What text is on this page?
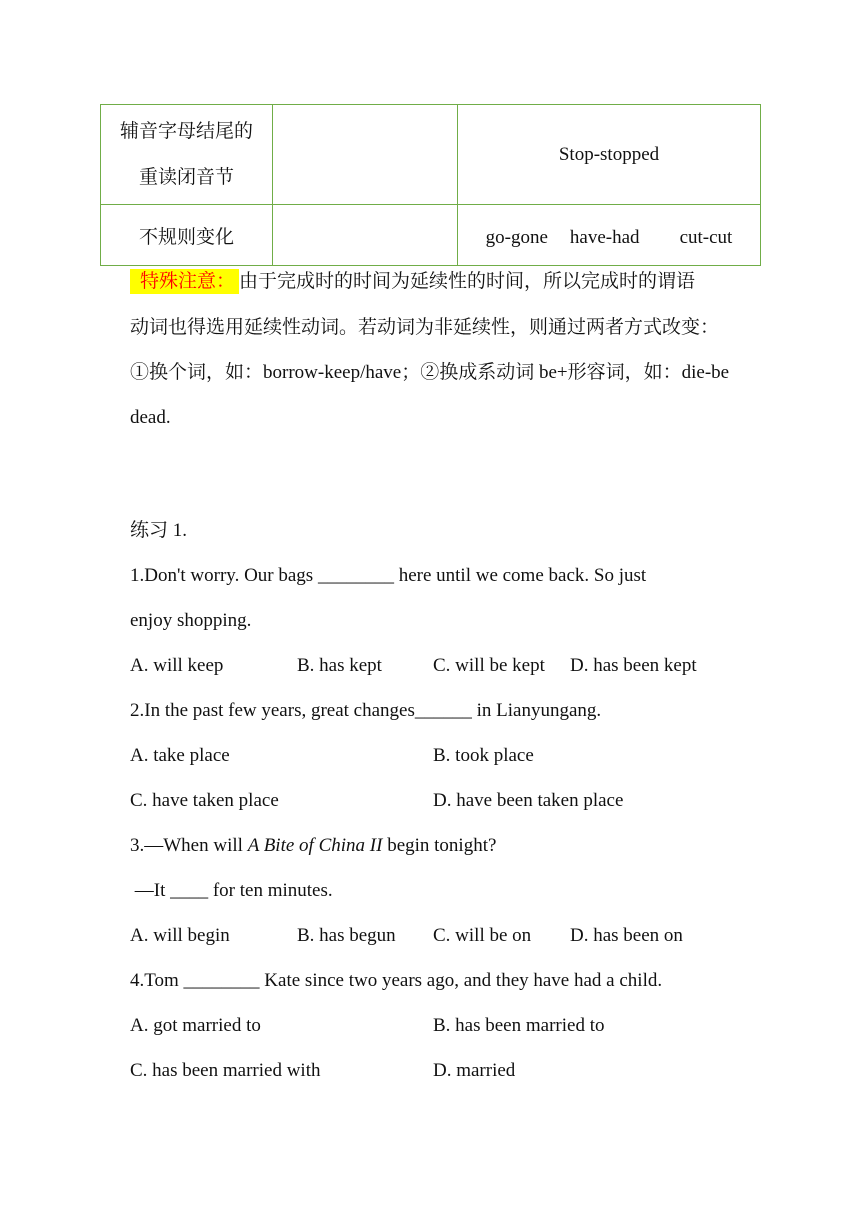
辅音字母结尾的
重读闭音节		Stop-stopped
不规则变化		go-gone have-had cut-cut
特殊注意： 由于完成时的时间为延续性的时间，所以完成时的谓语
动词也得选用延续性动词。若动词为非延续性，则通过两者方式改变：
①换个词，如：borrow-keep/have；②换成系动词 be+形容词，如：die-be
dead.
练习 1.
1.Don't worry. Our bags ________ here until we come back. So just
enjoy shopping.
A. will keep	B. has kept	C. will be kept D. has been kept
2.In the past few years, great changes______ in Lianyungang.
A. take place	B. took place
C. have taken place	D. have been taken place
3.—When will A Bite of China II begin tonight?
—It ____ for ten minutes.
A. will begin	B. has begun C. will be on D. has been on
4.Tom ________ Kate since two years ago, and they have had a child.
A. got married to	B. has been married to
C. has been married with	D. married
